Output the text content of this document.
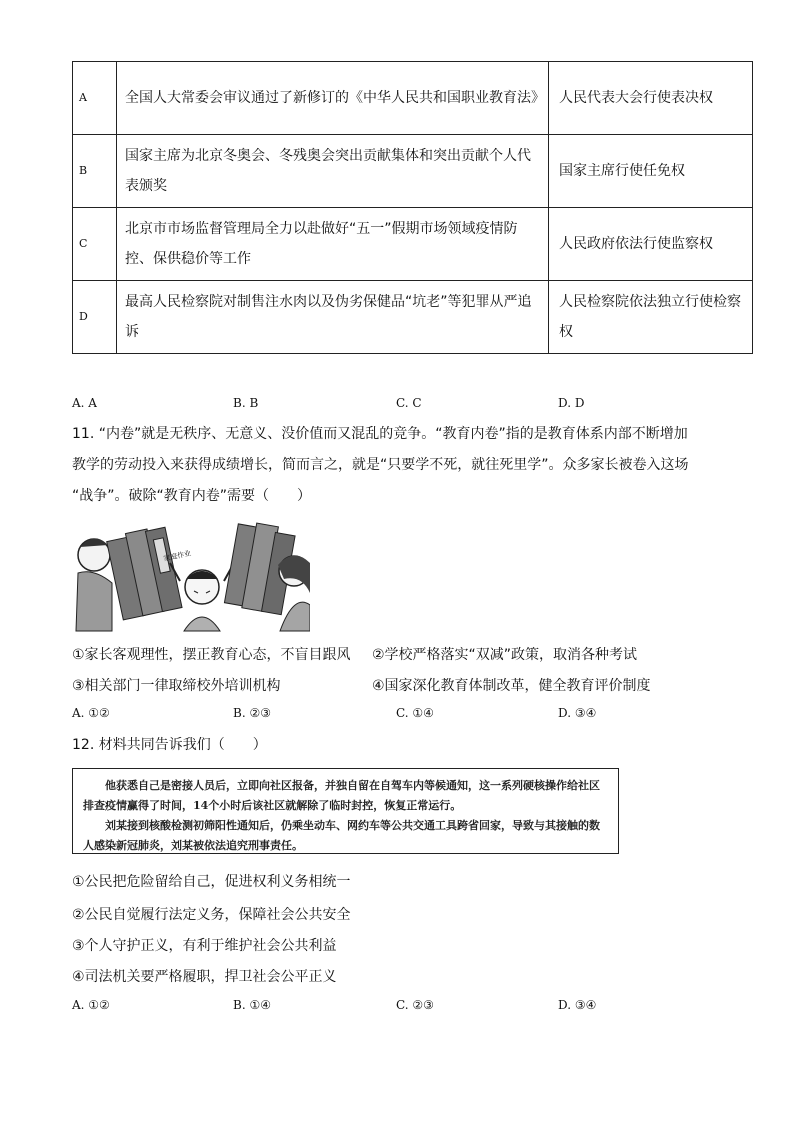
A	全国人大常委会审议通过了新修订的《中华人民共和国职业教育法》	人民代表大会行使表决权
B	国家主席为北京冬奥会、冬残奥会突出贡献集体和突出贡献个人代表颁奖	国家主席行使任免权
C	北京市市场监督管理局全力以赴做好“五一”假期市场领域疫情防控、保供稳价等工作	人民政府依法行使监察权
D	最高人民检察院对制售注水肉以及伪劣保健品“坑老”等犯罪从严追诉	人民检察院依法独立行使检察权
A. A	B. B	C. C	D. D
11. “内卷”就是无秩序、无意义、没价值而又混乱的竞争。“教育内卷”指的是教育体系内部不断增加
教学的劳动投入来获得成绩增长，简而言之，就是“只要学不死，就往死里学”。众多家长被卷入这场
“战争”。破除“教育内卷”需要（　　）
家庭作业
①家长客观理性，摆正教育心态，不盲目跟风 ②学校严格落实“双减”政策，取消各种考试
③相关部门一律取缔校外培训机构	④国家深化教育体制改革，健全教育评价制度
A. ①②	B. ②③	C. ①④	D. ③④
12. 材料共同告诉我们（　　）

他获悉自己是密接人员后，立即向社区报备，并独自留在自驾车内等候通知，这一系列硬核操作给社区排查疫情赢得了时间，14个小时后该社区就解除了临时封控，恢复正常运行。

刘某接到核酸检测初筛阳性通知后，仍乘坐动车、网约车等公共交通工具跨省回家，导致与其接触的数人感染新冠肺炎，刘某被依法追究刑事责任。

①公民把危险留给自己，促进权利义务相统一
②公民自觉履行法定义务，保障社会公共安全
③个人守护正义，有利于维护社会公共利益
④司法机关要严格履职，捍卫社会公平正义
A. ①②	B. ①④	C. ②③	D. ③④
